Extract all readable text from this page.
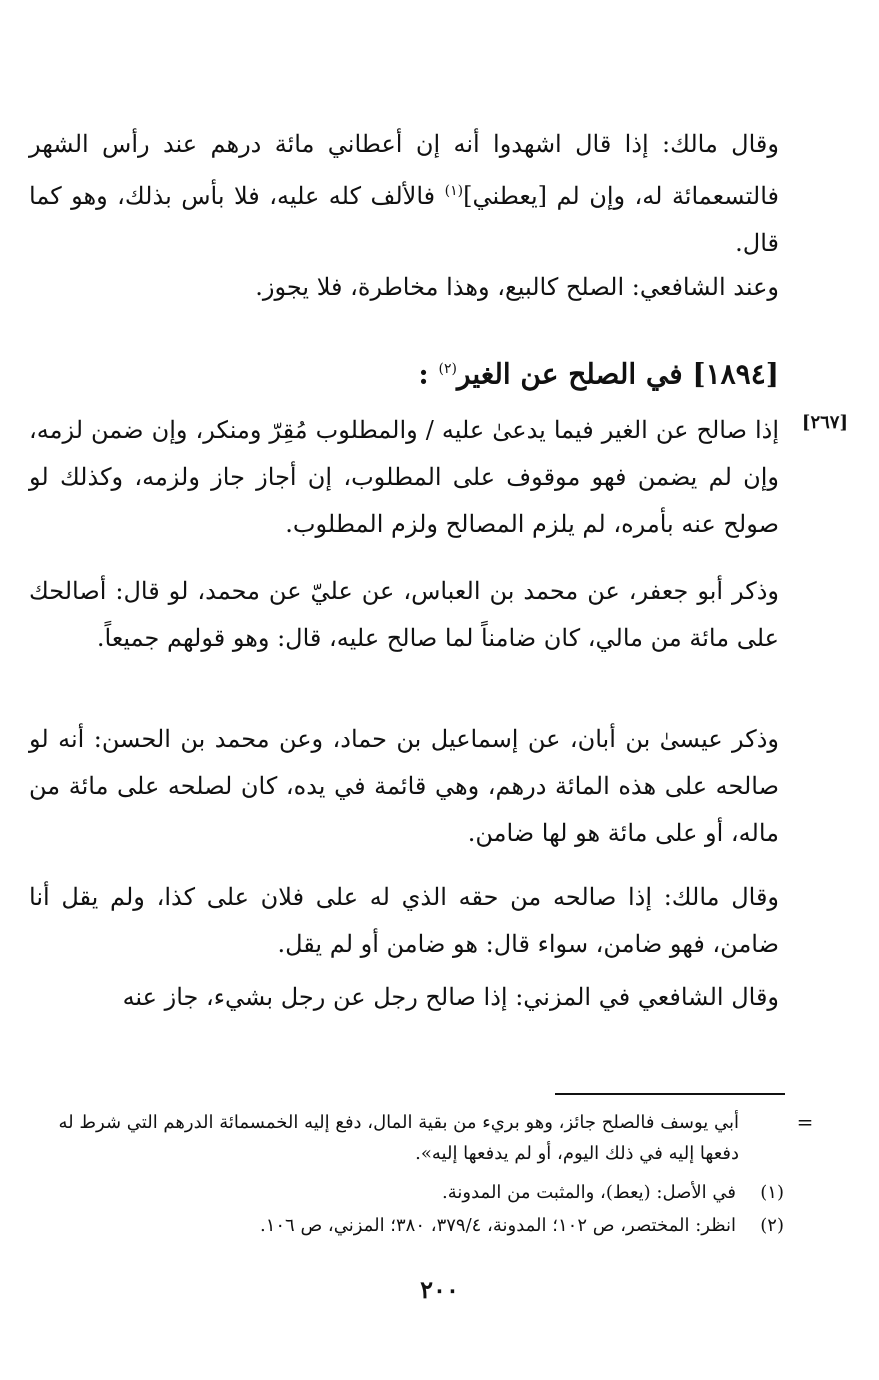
وقال مالك: إذا قال اشهدوا أنه إن أعطاني مائة درهم عند رأس الشهر فالتسعمائة له، وإن لم [يعطني]$^{(١)}$ فالألف كله عليه، فلا بأس بذلك، وهو كما قال.

وعند الشافعي: الصلح كالبيع، وهذا مخاطرة، فلا يجوز.

[١٨٩٤] في الصلح عن الغير$^{(٢)}$ :
[٢٦٧]

إذا صالح عن الغير فيما يدعىٰ عليه / والمطلوب مُقِرّ ومنكر، وإن ضمن لزمه، وإن لم يضمن فهو موقوف على المطلوب، إن أجاز جاز ولزمه، وكذلك لو صولح عنه بأمره، لم يلزم المصالح ولزم المطلوب.

وذكر أبو جعفر، عن محمد بن العباس، عن عليّ عن محمد، لو قال: أصالحك على مائة من مالي، كان ضامناً لما صالح عليه، قال: وهو قولهم جميعاً.

وذكر عيسىٰ بن أبان، عن إسماعيل بن حماد، وعن محمد بن الحسن: أنه لو صالحه على هذه المائة درهم، وهي قائمة في يده، كان لصلحه على مائة من ماله، أو على مائة هو لها ضامن.

وقال مالك: إذا صالحه من حقه الذي له على فلان على كذا، ولم يقل أنا ضامن، فهو ضامن، سواء قال: هو ضامن أو لم يقل.

وقال الشافعي في المزني: إذا صالح رجل عن رجل بشيء، جاز عنه

=

أبي يوسف فالصلح جائز، وهو بريء من بقية المال، دفع إليه الخمسمائة الدرهم التي شرط له دفعها إليه في ذلك اليوم، أو لم يدفعها إليه».

(١)في الأصل: (يعط)، والمثبت من المدونة.

(٢)انظر: المختصر، ص ١٠٢؛ المدونة، ٣٧٩/٤، ٣٨٠؛ المزني، ص ١٠٦.

٢٠٠
